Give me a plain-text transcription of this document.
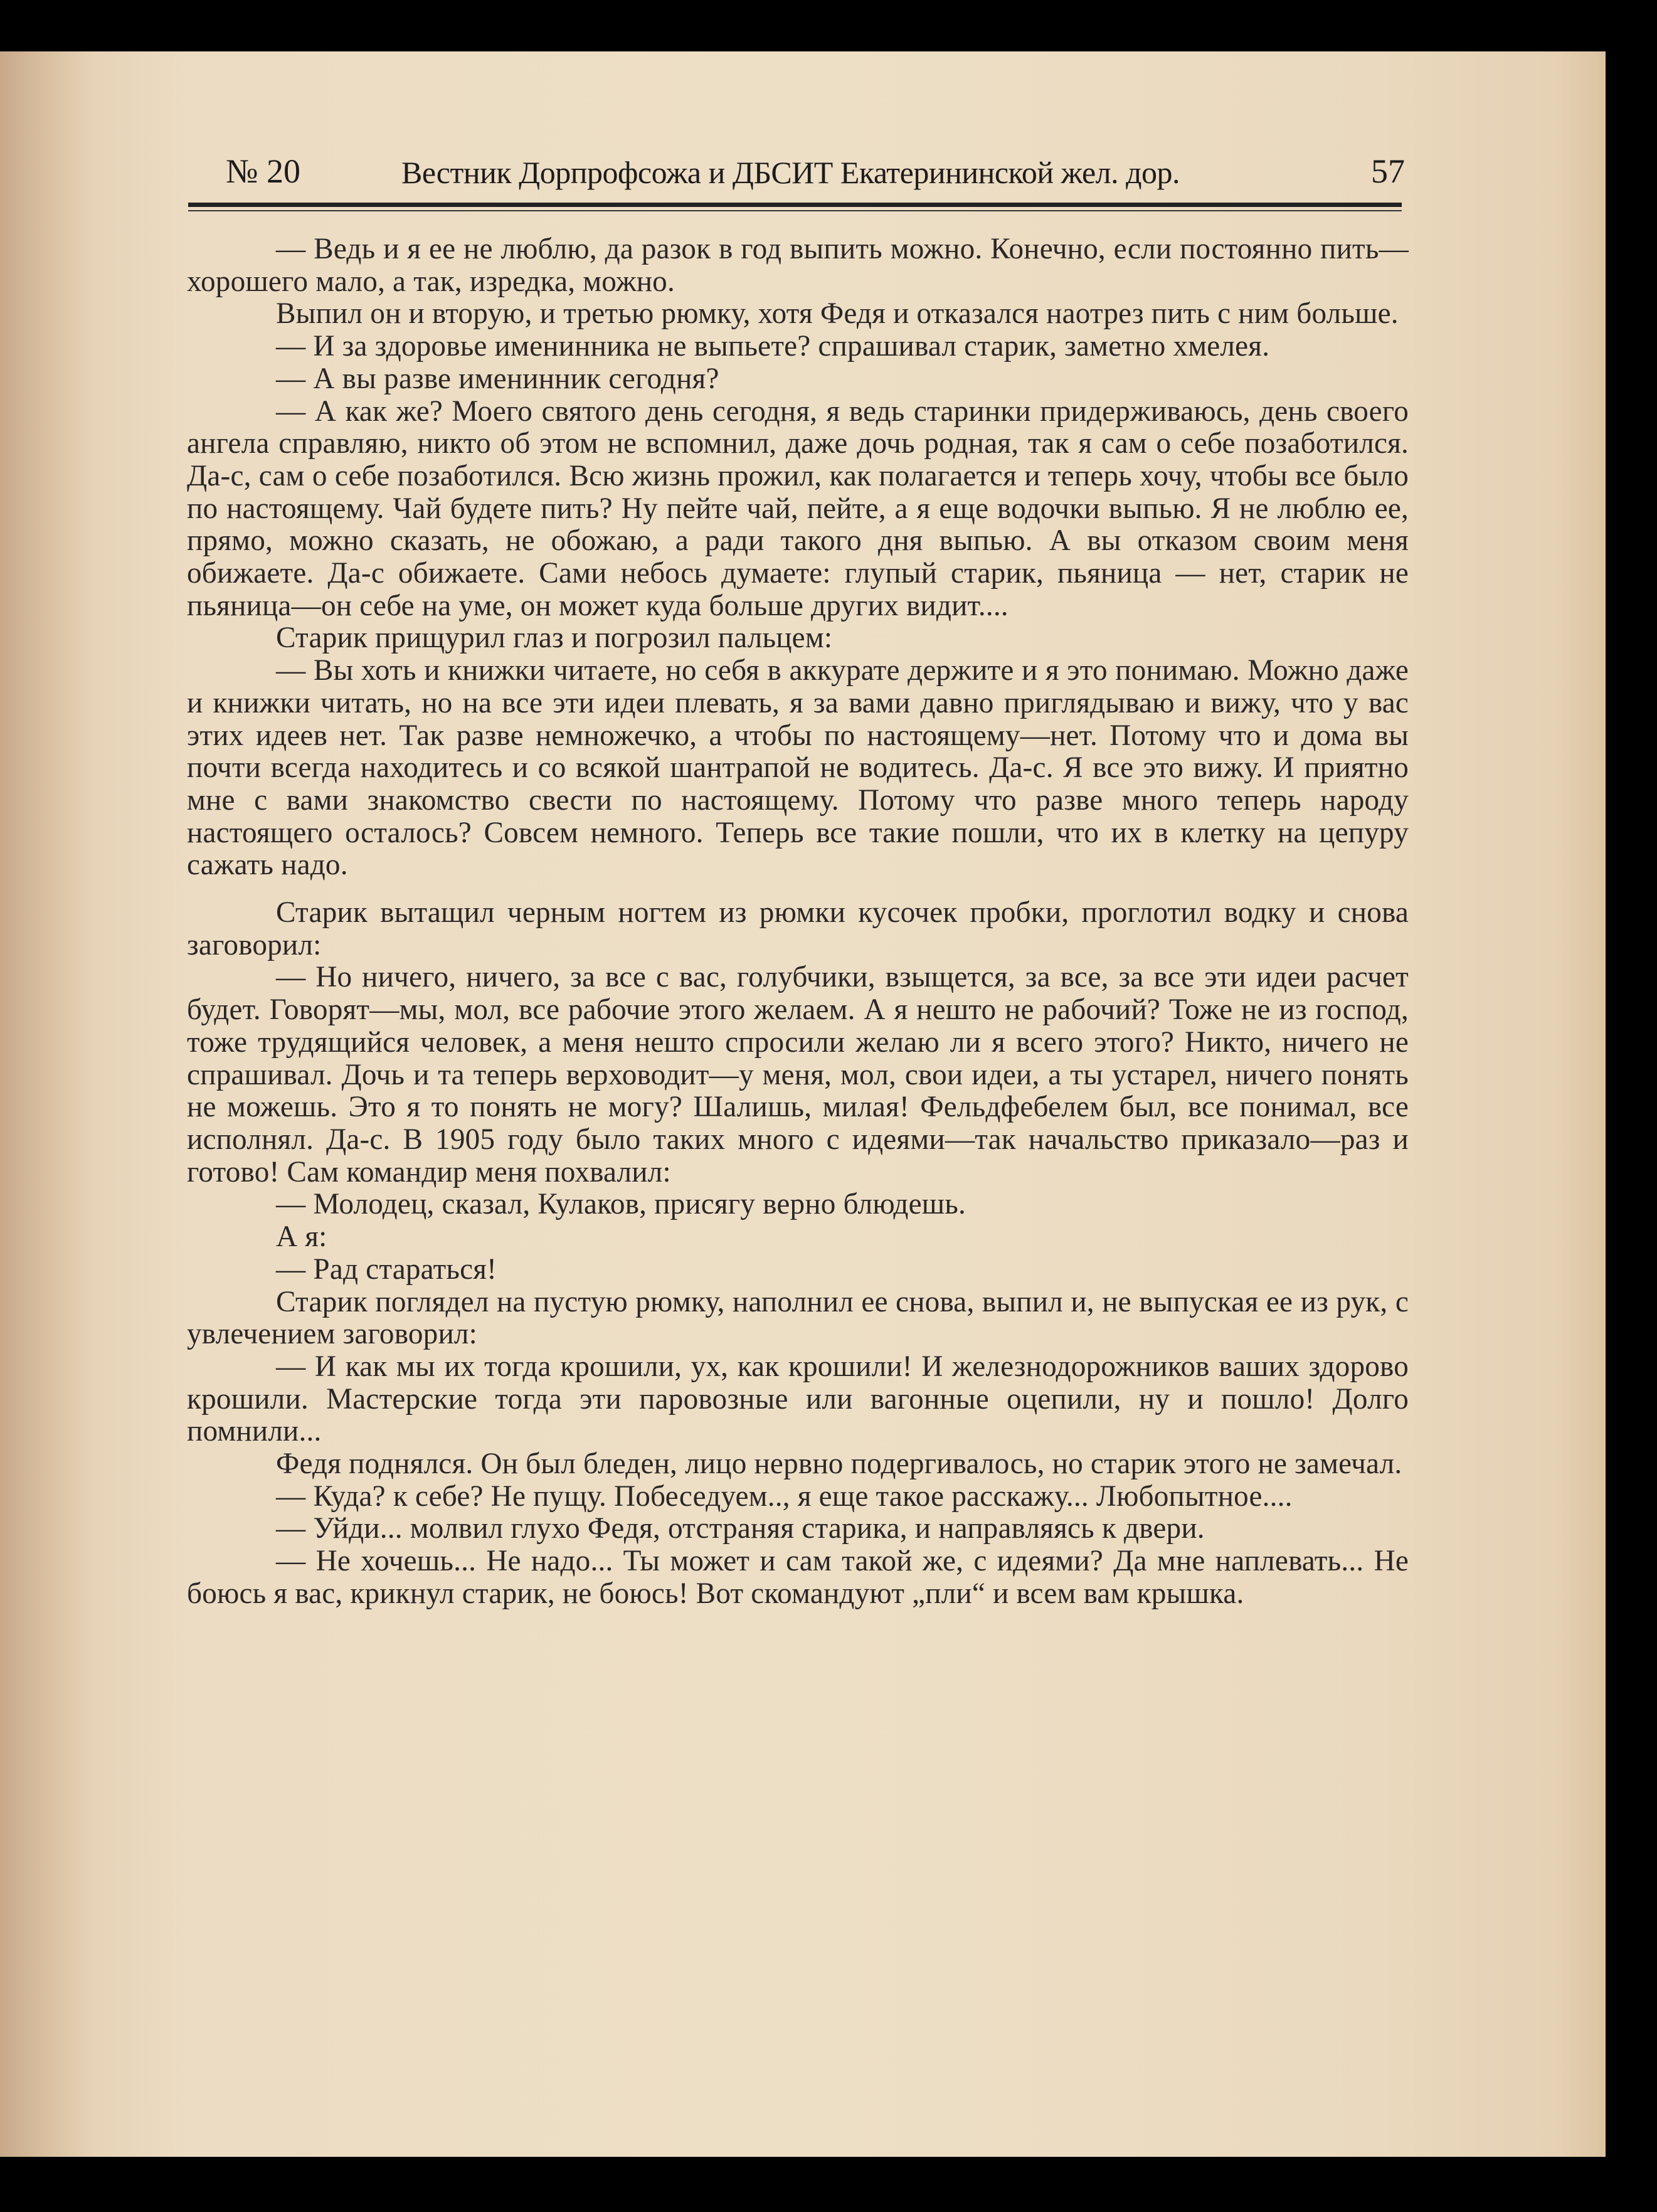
№ 20	Вестник Дорпрофсожа и ДБСИТ Екатерининской жел. дор.	57

— Ведь и я ее не люблю, да разок в год выпить можно. Конечно, если постоянно пить—хорошего мало, а так, изредка, можно.

Выпил он и вторую, и третью рюмку, хотя Федя и отказался наотрез пить с ним больше.

— И за здоровье именинника не выпьете? спрашивал старик, заметно хмелея.

— А вы разве именинник сегодня?

— А как же? Моего святого день сегодня, я ведь старинки придерживаюсь, день своего ангела справляю, никто об этом не вспомнил, даже дочь родная, так я сам о себе позаботился. Да-с, сам о себе позаботился. Всю жизнь прожил, как полагается и теперь хочу, чтобы все было по настоящему. Чай будете пить? Ну пейте чай, пейте, а я еще водочки выпью. Я не люблю ее, прямо, можно сказать, не обожаю, а ради такого дня выпью. А вы отказом своим меня обижаете. Да-с обижаете. Сами небось думаете: глупый старик, пьяница — нет, старик не пьяница—он себе на уме, он может куда больше других видит....

Старик прищурил глаз и погрозил пальцем:

— Вы хоть и книжки читаете, но себя в аккурате держите и я это понимаю. Можно даже и книжки читать, но на все эти идеи плевать, я за вами давно приглядываю и вижу, что у вас этих идеев нет. Так разве немножечко, а чтобы по настоящему—нет. Потому что и дома вы почти всегда находитесь и со всякой шантрапой не водитесь. Да-с. Я все это вижу. И приятно мне с вами знакомство свести по настоящему. Потому что разве много теперь народу настоящего осталось? Совсем немного. Теперь все такие пошли, что их в клетку на цепуру сажать надо.

Старик вытащил черным ногтем из рюмки кусочек пробки, проглотил водку и снова заговорил:

— Но ничего, ничего, за все с вас, голубчики, взыщется, за все, за все эти идеи расчет будет. Говорят—мы, мол, все рабочие этого желаем. А я нешто не рабочий? Тоже не из господ, тоже трудящийся человек, а меня нешто спросили желаю ли я всего этого? Никто, ничего не спрашивал. Дочь и та теперь верховодит—у меня, мол, свои идеи, а ты устарел, ничего понять не можешь. Это я то понять не могу? Шалишь, милая! Фельдфебелем был, все понимал, все исполнял. Да-с. В 1905 году было таких много с идеями—так начальство приказало—раз и готово! Сам командир меня похвалил:

— Молодец, сказал, Кулаков, присягу верно блюдешь.

А я:

— Рад стараться!

Старик поглядел на пустую рюмку, наполнил ее снова, выпил и, не выпуская ее из рук, с увлечением заговорил:

— И как мы их тогда крошили, ух, как крошили! И железнодорожников ваших здорово крошили. Мастерские тогда эти паровозные или вагонные оцепили, ну и пошло! Долго помнили...

Федя поднялся. Он был бледен, лицо нервно подергивалось, но старик этого не замечал.

— Куда? к себе? Не пущу. Побеседуем.., я еще такое расскажу... Любопытное....

— Уйди... молвил глухо Федя, отстраняя старика, и направляясь к двери.

— Не хочешь... Не надо... Ты может и сам такой же, с идеями? Да мне наплевать... Не боюсь я вас, крикнул старик, не боюсь! Вот скомандуют „пли“ и всем вам крышка.
